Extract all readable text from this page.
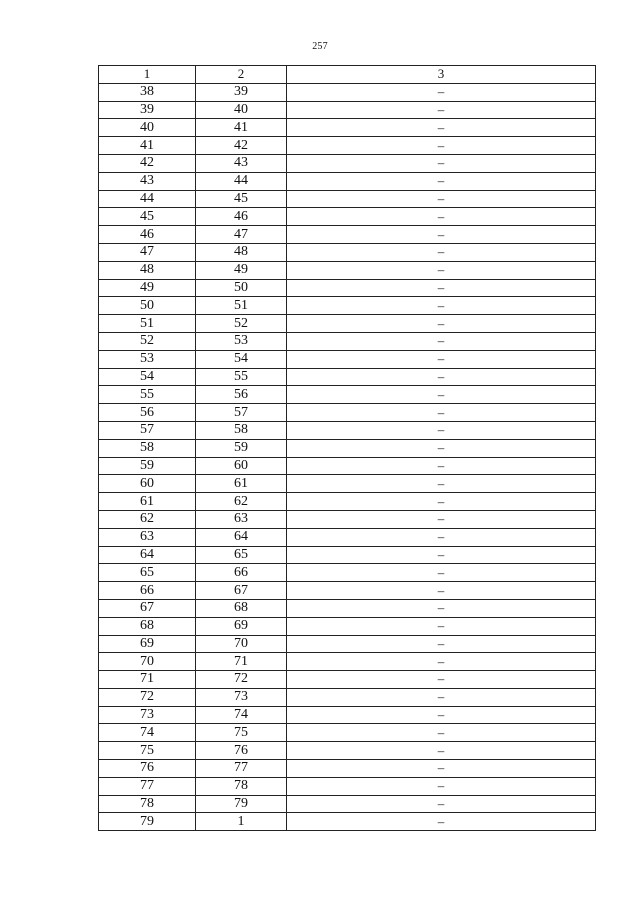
257
1	2	3
38	39	–
39	40	–
40	41	–
41	42	–
42	43	–
43	44	–
44	45	–
45	46	–
46	47	–
47	48	–
48	49	–
49	50	–
50	51	–
51	52	–
52	53	–
53	54	–
54	55	–
55	56	–
56	57	–
57	58	–
58	59	–
59	60	–
60	61	–
61	62	–
62	63	–
63	64	–
64	65	–
65	66	–
66	67	–
67	68	–
68	69	–
69	70	–
70	71	–
71	72	–
72	73	–
73	74	–
74	75	–
75	76	–
76	77	–
77	78	–
78	79	–
79	1	–
